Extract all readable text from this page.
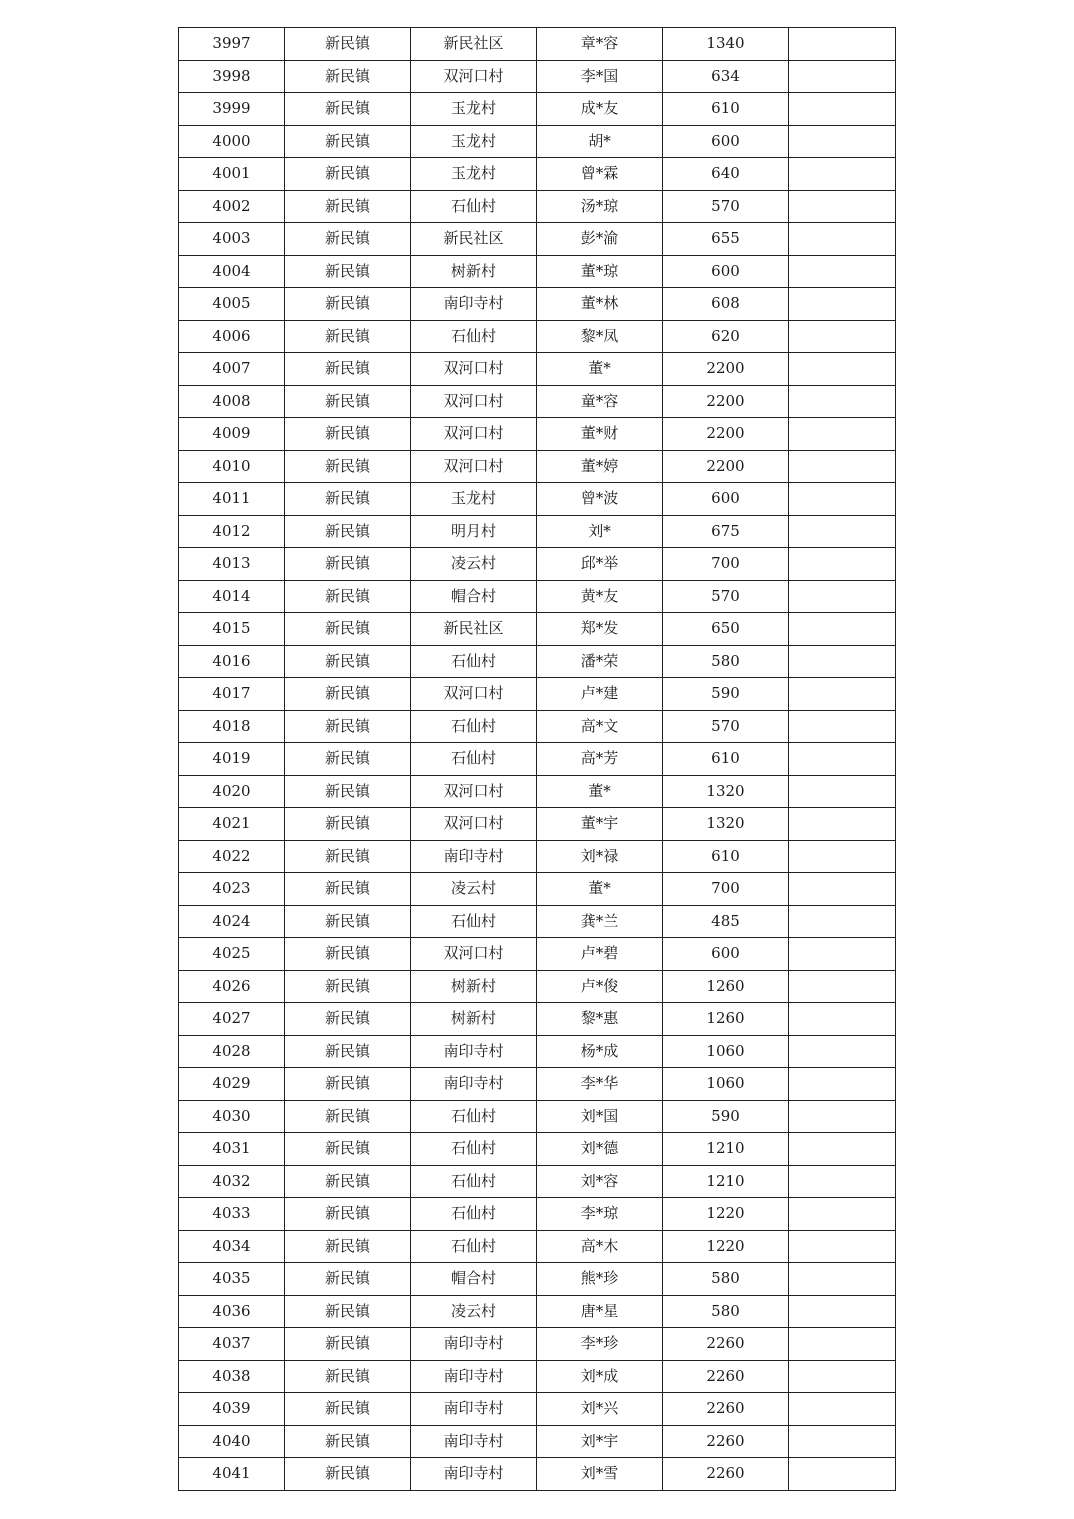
3997	新民镇	新民社区	章*容	1340	
3998	新民镇	双河口村	李*国	634	
3999	新民镇	玉龙村	成*友	610	
4000	新民镇	玉龙村	胡*	600	
4001	新民镇	玉龙村	曾*霖	640	
4002	新民镇	石仙村	汤*琼	570	
4003	新民镇	新民社区	彭*渝	655	
4004	新民镇	树新村	董*琼	600	
4005	新民镇	南印寺村	董*林	608	
4006	新民镇	石仙村	黎*凤	620	
4007	新民镇	双河口村	董*	2200	
4008	新民镇	双河口村	童*容	2200	
4009	新民镇	双河口村	董*财	2200	
4010	新民镇	双河口村	董*婷	2200	
4011	新民镇	玉龙村	曾*波	600	
4012	新民镇	明月村	刘*	675	
4013	新民镇	凌云村	邱*举	700	
4014	新民镇	帽合村	黄*友	570	
4015	新民镇	新民社区	郑*发	650	
4016	新民镇	石仙村	潘*荣	580	
4017	新民镇	双河口村	卢*建	590	
4018	新民镇	石仙村	高*文	570	
4019	新民镇	石仙村	高*芳	610	
4020	新民镇	双河口村	董*	1320	
4021	新民镇	双河口村	董*宇	1320	
4022	新民镇	南印寺村	刘*禄	610	
4023	新民镇	凌云村	董*	700	
4024	新民镇	石仙村	龚*兰	485	
4025	新民镇	双河口村	卢*碧	600	
4026	新民镇	树新村	卢*俊	1260	
4027	新民镇	树新村	黎*惠	1260	
4028	新民镇	南印寺村	杨*成	1060	
4029	新民镇	南印寺村	李*华	1060	
4030	新民镇	石仙村	刘*国	590	
4031	新民镇	石仙村	刘*德	1210	
4032	新民镇	石仙村	刘*容	1210	
4033	新民镇	石仙村	李*琼	1220	
4034	新民镇	石仙村	高*木	1220	
4035	新民镇	帽合村	熊*珍	580	
4036	新民镇	凌云村	唐*星	580	
4037	新民镇	南印寺村	李*珍	2260	
4038	新民镇	南印寺村	刘*成	2260	
4039	新民镇	南印寺村	刘*兴	2260	
4040	新民镇	南印寺村	刘*宇	2260	
4041	新民镇	南印寺村	刘*雪	2260	
